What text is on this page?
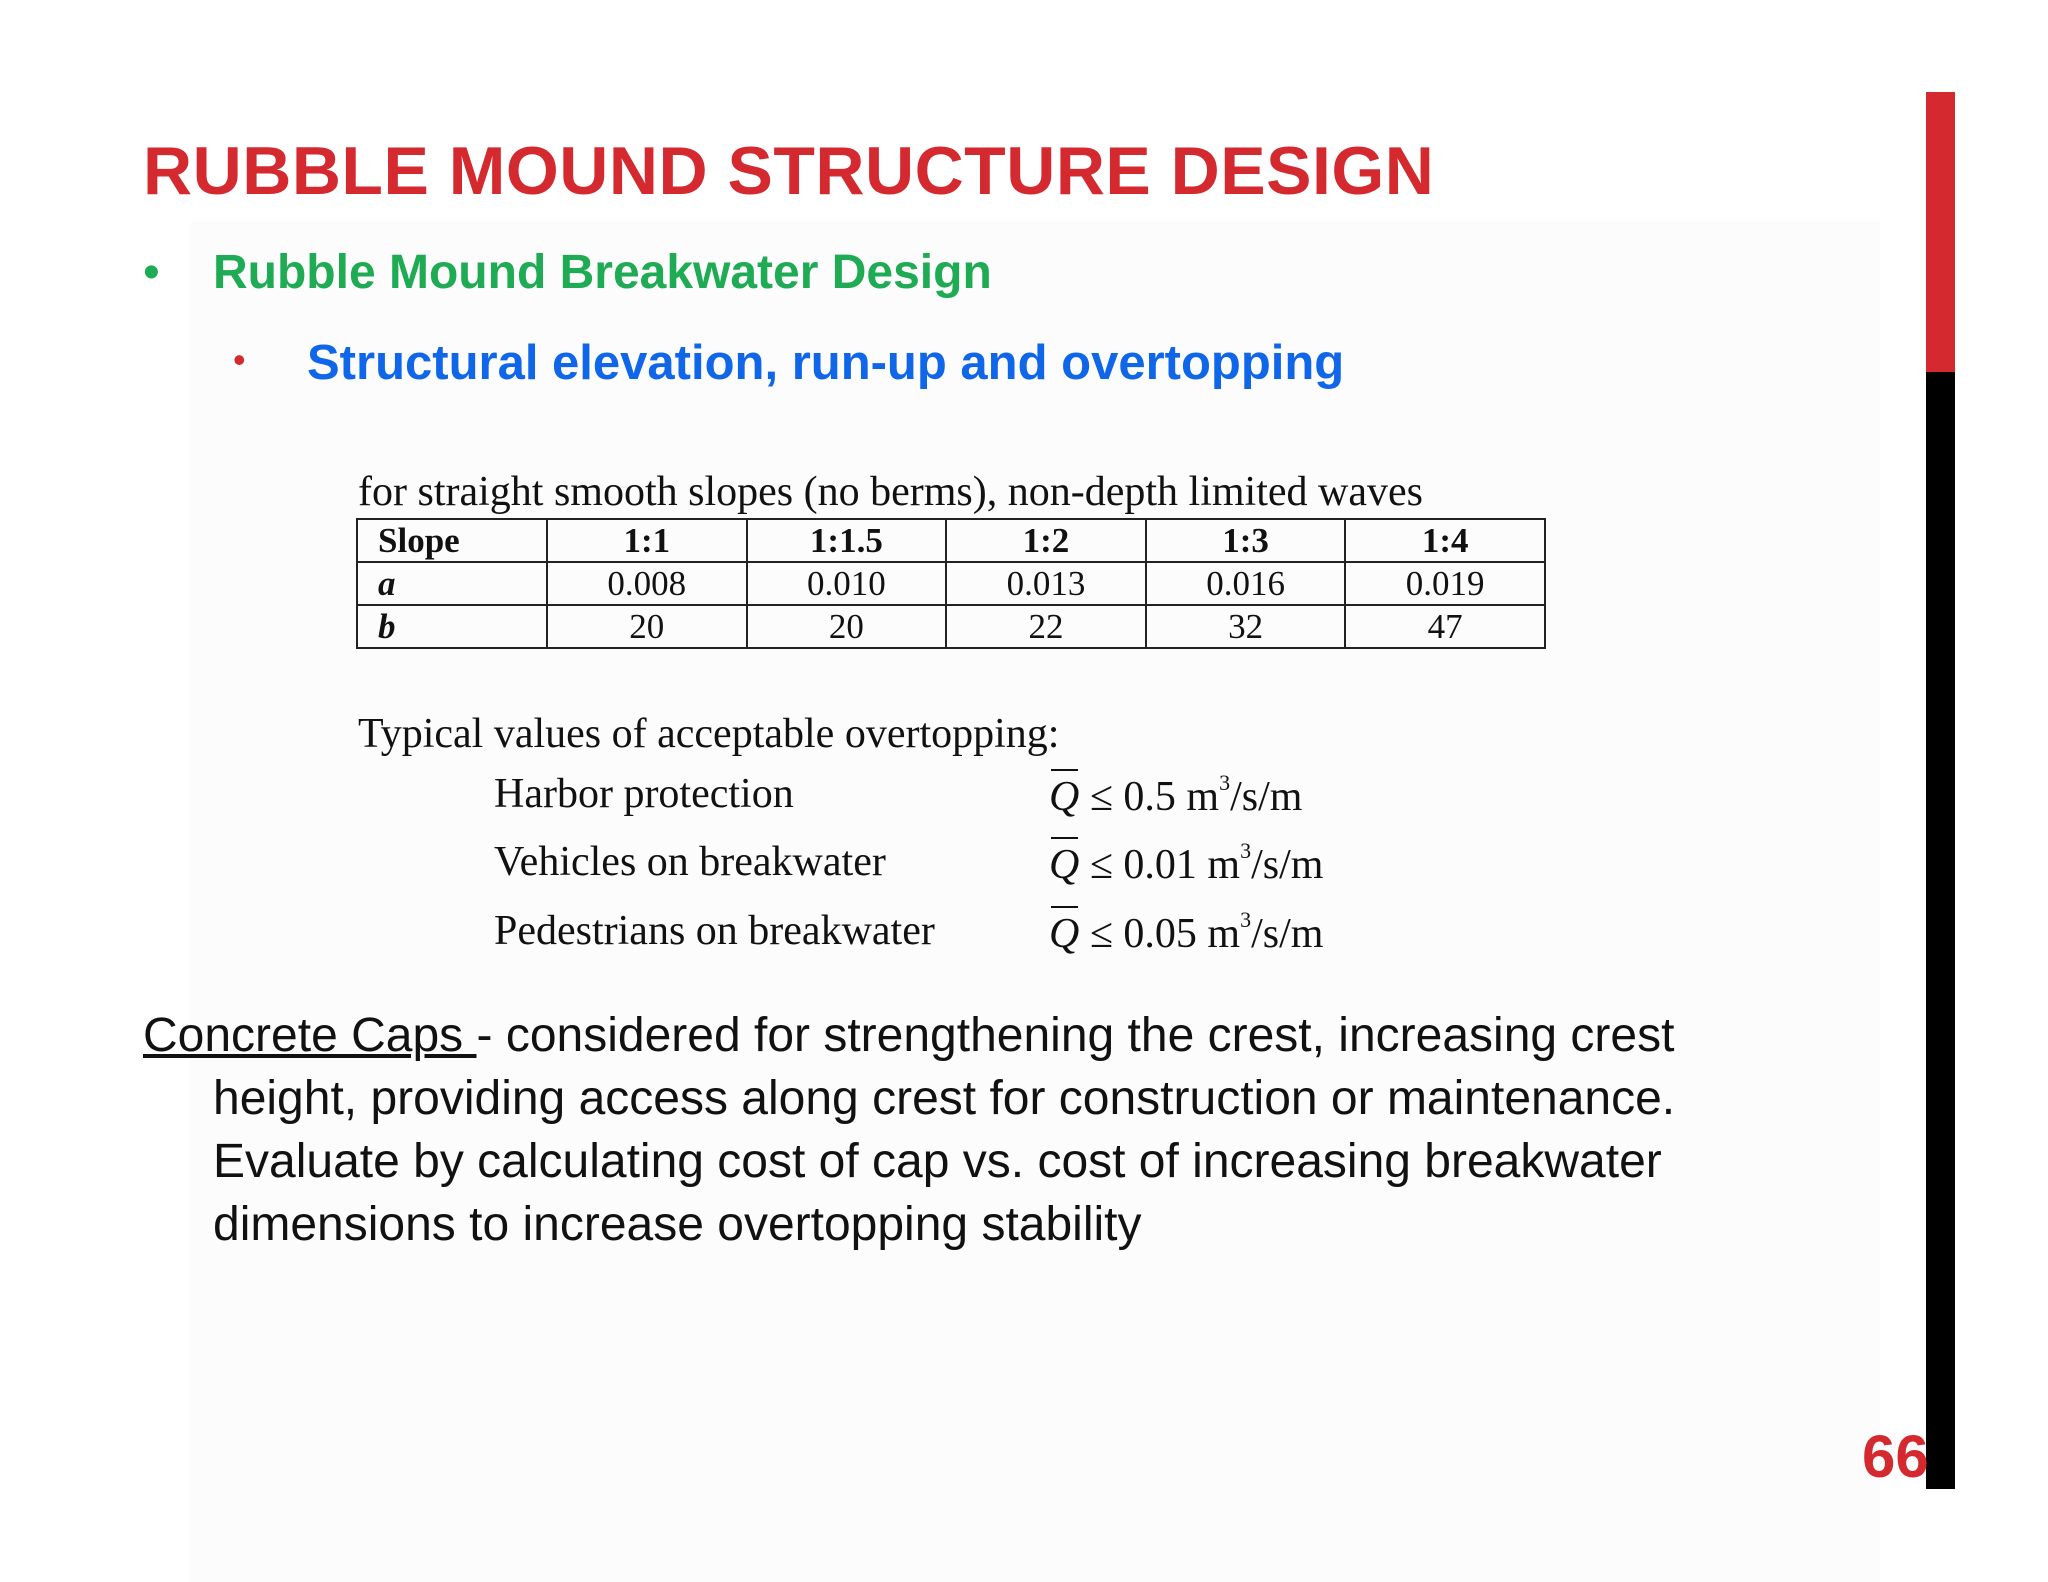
RUBBLE MOUND STRUCTURE DESIGN
• Rubble Mound Breakwater Design
• Structural elevation, run-up and overtopping
for straight smooth slopes (no berms), non-depth limited waves
Slope	1:1	1:1.5	1:2	1:3	1:4
a	0.008	0.010	0.013	0.016	0.019
b	20	20	22	32	47
Typical values of acceptable overtopping:
Harbor protection	Q ≤ 0.5 $m^3/s/m$
Vehicles on breakwater	Q ≤ 0.01 $m^3/s/m$
Pedestrians on breakwater	Q ≤ 0.05 $m^3/s/m$
Concrete Caps - considered for strengthening the crest, increasing crest
height, providing access along crest for construction or maintenance.
Evaluate by calculating cost of cap vs. cost of increasing breakwater
dimensions to increase overtopping stability
66
